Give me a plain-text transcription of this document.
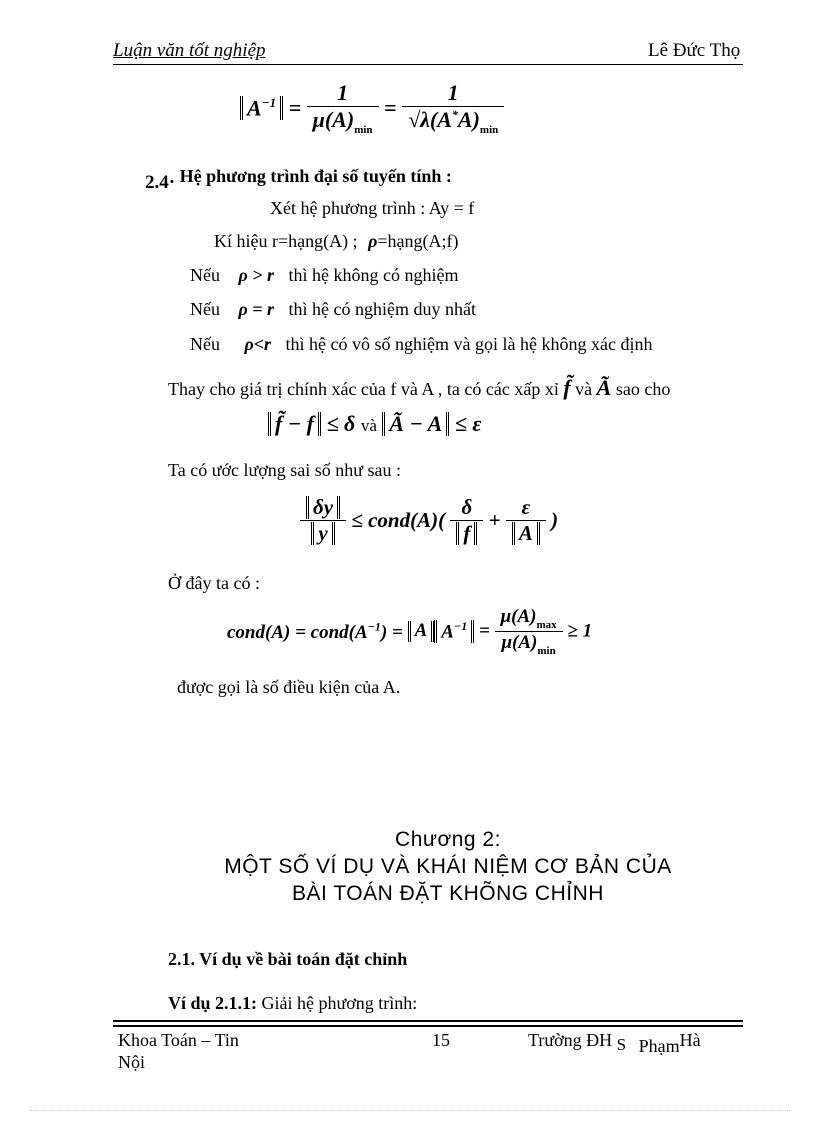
Luận văn tốt nghiệp	Lê Đức Thọ
$A^{-1} = \frac{1}{\mu(A)_{min}} = \frac{1}{√\lambda(A^*A)_{min}}$
2.4· Hệ phương trình đại số tuyến tính :
Xét hệ phương trình : Ay = f
Kí hiệu r=hạng(A) ; ρ=hạng(A;f)
Nếu ρ > r thì hệ không có nghiệm
Nếu ρ = r thì hệ có nghiệm duy nhất
Nếu ρ<r thì hệ có vô số nghiệm và gọi là hệ không xác định
Thay cho giá trị chính xác của f và A , ta có các xấp xỉ f̃ và Ã sao cho
f̃ − f ≤ δ và Ã − A ≤ ε
Ta có ước lượng sai số như sau :
$\frac{\delta y}{y}$ ≤ cond(A)( $\frac{\delta}{f} + \frac{\varepsilon}{A}$ )
Ở đây ta có :
cond(A) = $cond(A^{-1}) = A$ $A^{-1} = \frac{\mu(A)_{max}}{\mu(A)_{min}} \ge 1$
được gọi là số điều kiện của A.
Chương 2:
MỘT SỐ VÍ DỤ VÀ KHÁI NIỆM CƠ BẢN CỦA
BÀI TOÁN ĐẶT KHÕNG CHỈNH
2.1. Ví dụ về bài toán đặt chỉnh
Ví dụ 2.1.1: Giải hệ phương trình:
Khoa Toán – Tin
Nội
15	Trường ĐH S PhạmHà
